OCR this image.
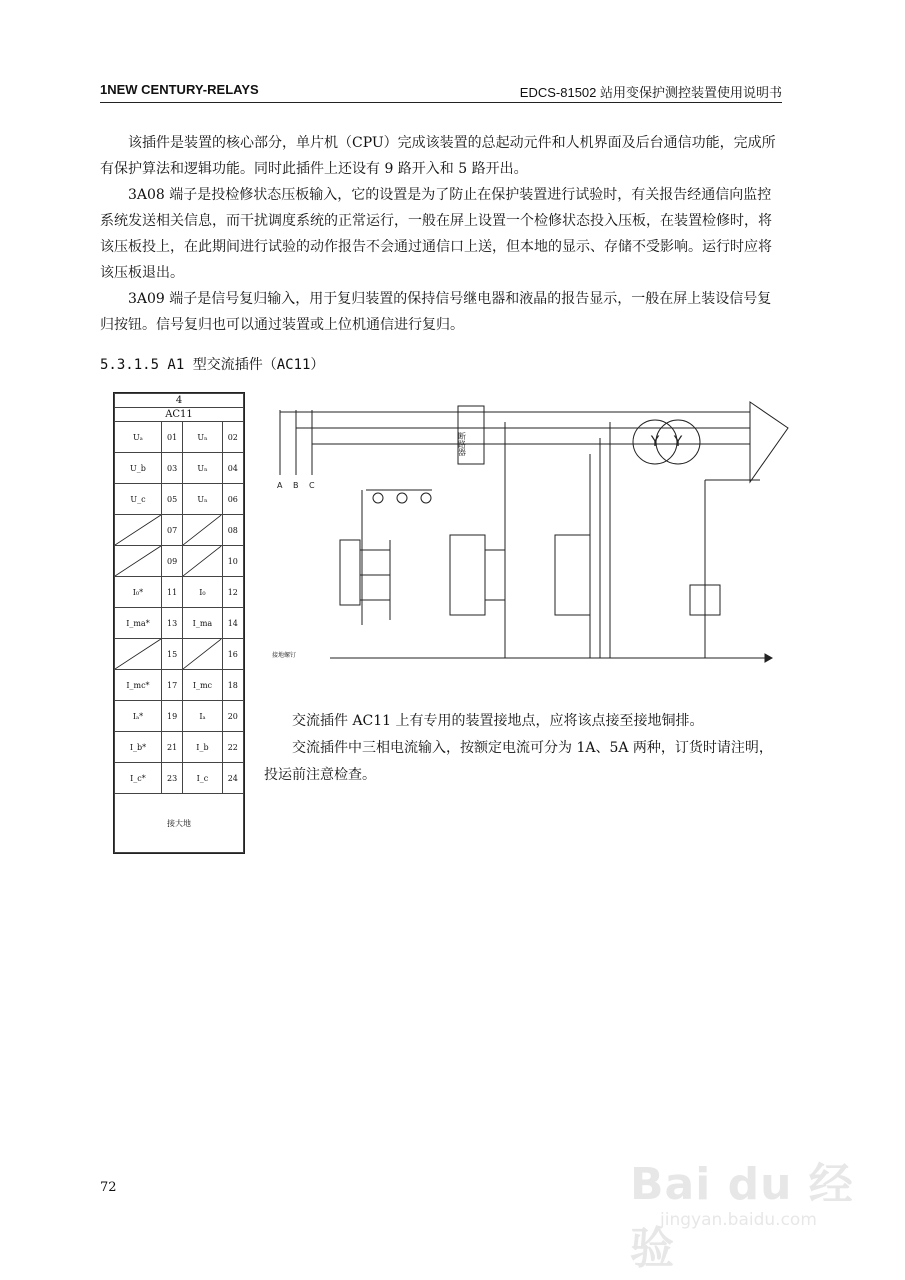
1NEW CENTURY-RELAYS	EDCS-81502 站用变保护测控装置使用说明书

该插件是装置的核心部分，单片机（CPU）完成该装置的总起动元件和人机界面及后台通信功能，完成所有保护算法和逻辑功能。同时此插件上还设有 9 路开入和 5 路开出。

3A08 端子是投检修状态压板输入，它的设置是为了防止在保护装置进行试验时，有关报告经通信向监控系统发送相关信息，而干扰调度系统的正常运行，一般在屏上设置一个检修状态投入压板，在装置检修时，将该压板投上，在此期间进行试验的动作报告不会通过通信口上送，但本地的显示、存储不受影响。运行时应将该压板退出。

3A09 端子是信号复归输入，用于复归装置的保持信号继电器和液晶的报告显示，一般在屏上装设信号复归按钮。信号复归也可以通过装置或上位机通信进行复归。

5.3.1.5 A1 型交流插件（AC11）
4			
AC11			
Uₐ	01	Uₙ	02
U_b	03	Uₙ	04
U_c	05	Uₙ	06

	07		08

	09		10
I₀*	11	I₀	12
I_ma*	13	I_ma	14

	15		16
I_mc*	17	I_mc	18
Iₐ*	19	Iₐ	20
I_b*	21	I_b	22
I_c*	23	I_c	24
接大地			
断路器
A B C
接地螺钉
Y Y

交流插件 AC11 上有专用的装置接地点，应将该点接至接地铜排。

交流插件中三相电流输入，按额定电流可分为 1A、5A 两种，订货时请注明，投运前注意检查。

72	Bai du 经验
jingyan.baidu.com
